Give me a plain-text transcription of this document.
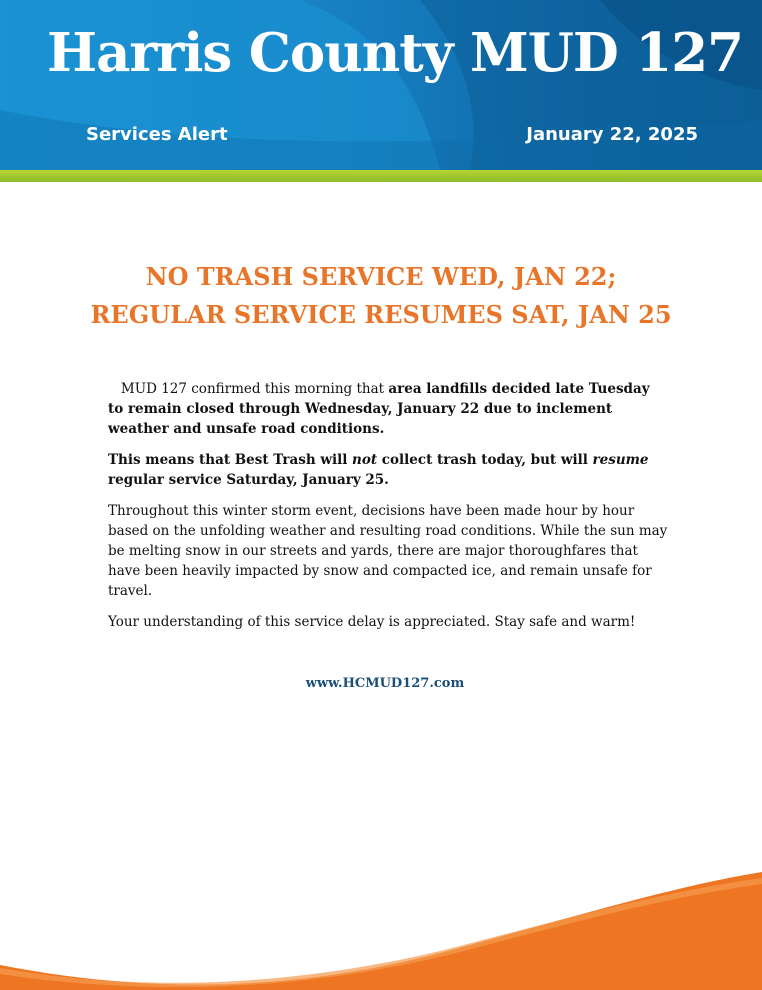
Harris County MUD 127
Services Alert	January 22, 2025
NO TRASH SERVICE WED, JAN 22;
REGULAR SERVICE RESUMES SAT, JAN 25

MUD 127 confirmed this morning that area landfills decided late Tuesday to remain closed through Wednesday, January 22 due to inclement weather and unsafe road conditions.

This means that Best Trash will not collect trash today, but will resume regular service Saturday, January 25.

Throughout this winter storm event, decisions have been made hour by hour based on the unfolding weather and resulting road conditions. While the sun may be melting snow in our streets and yards, there are major thoroughfares that have been heavily impacted by snow and compacted ice, and remain unsafe for travel.

Your understanding of this service delay is appreciated. Stay safe and warm!

www.HCMUD127.com
